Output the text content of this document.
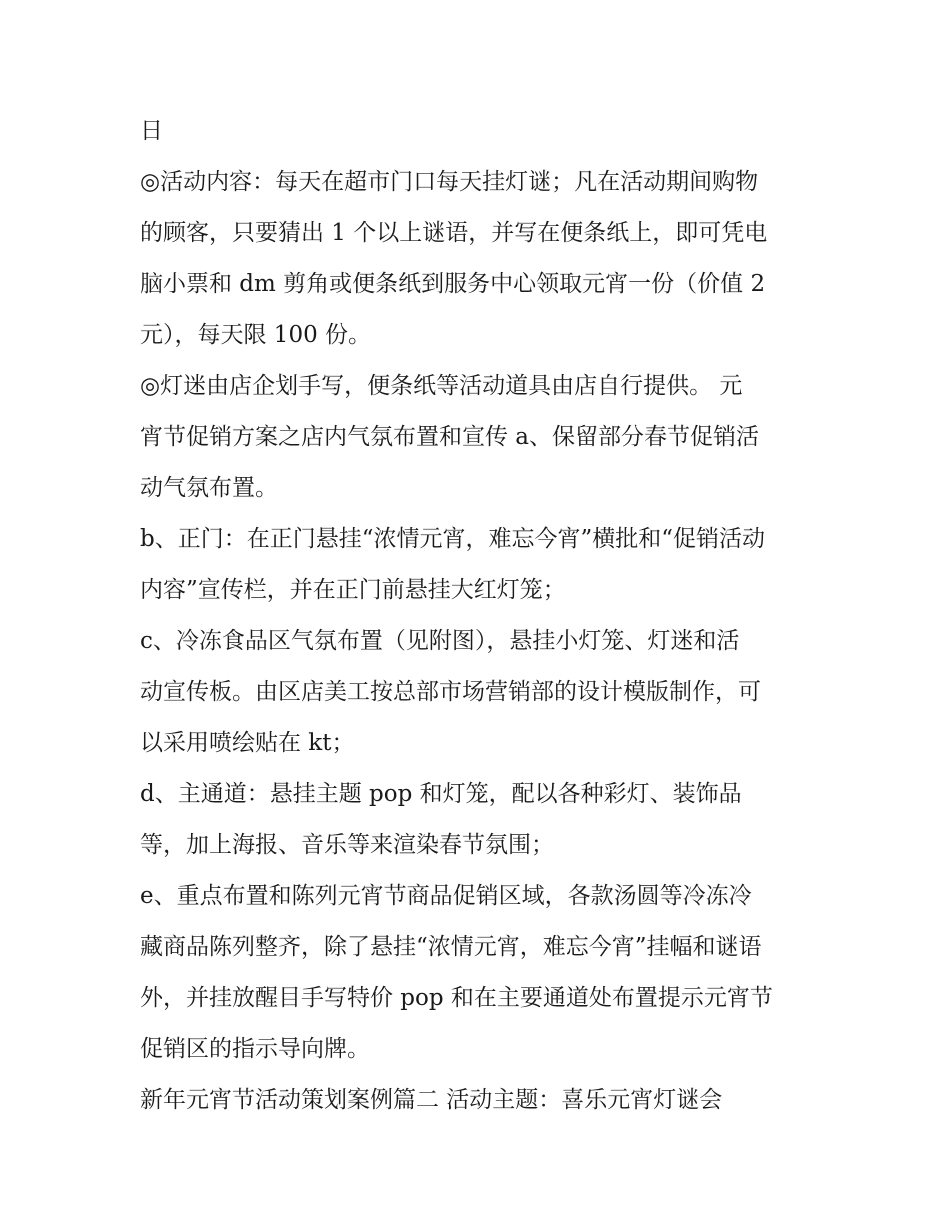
日
◎活动内容：每天在超市门口每天挂灯谜；凡在活动期间购物
的顾客，只要猜出 1 个以上谜语，并写在便条纸上，即可凭电
脑小票和 dm 剪角或便条纸到服务中心领取元宵一份（价值 2
元），每天限 100 份。
◎灯迷由店企划手写，便条纸等活动道具由店自行提供。 元
宵节促销方案之店内气氛布置和宣传 a、保留部分春节促销活
动气氛布置。
b、正门：在正门悬挂“浓情元宵，难忘今宵”横批和“促销活动
内容”宣传栏，并在正门前悬挂大红灯笼；
c、冷冻食品区气氛布置（见附图），悬挂小灯笼、灯迷和活
动宣传板。由区店美工按总部市场营销部的设计模版制作，可
以采用喷绘贴在 kt；
d、主通道：悬挂主题 pop 和灯笼，配以各种彩灯、装饰品
等，加上海报、音乐等来渲染春节氛围；
e、重点布置和陈列元宵节商品促销区域，各款汤圆等冷冻冷
藏商品陈列整齐，除了悬挂“浓情元宵，难忘今宵”挂幅和谜语
外，并挂放醒目手写特价 pop 和在主要通道处布置提示元宵节
促销区的指示导向牌。
新年元宵节活动策划案例篇二 活动主题：喜乐元宵灯谜会
